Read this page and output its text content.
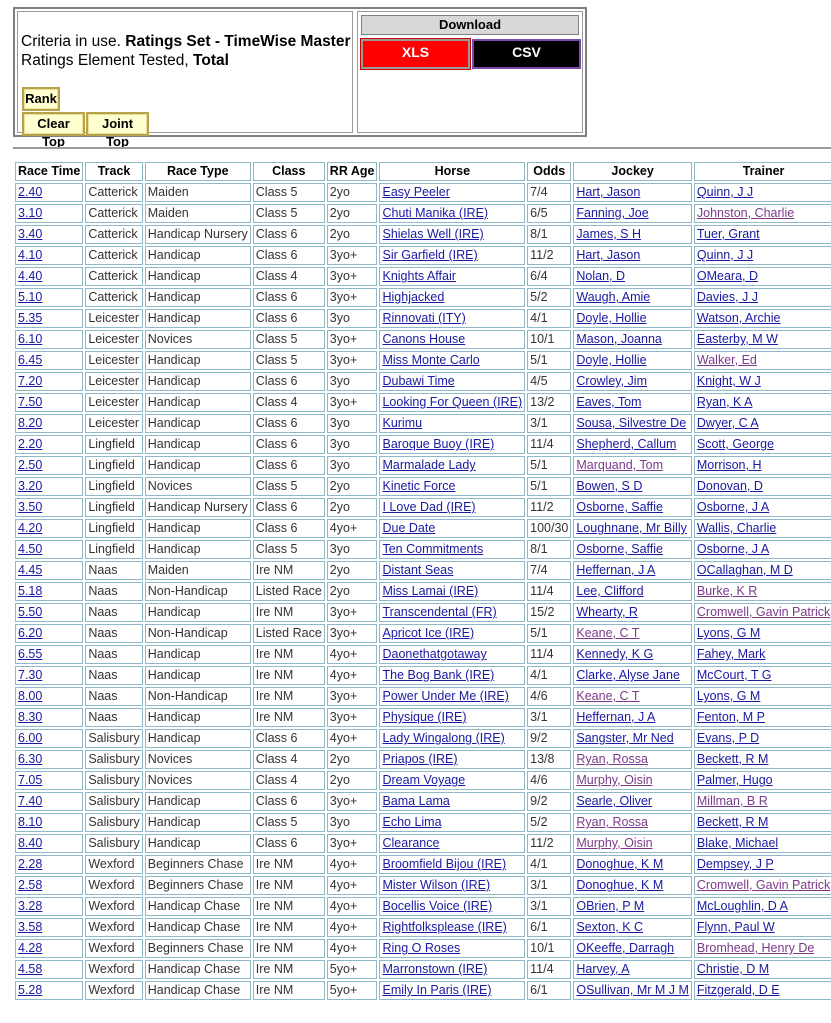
Criteria in use. Ratings Set - TimeWise Master
Ratings Element Tested, Total
Rank
Clear Top
Joint Top
Download
XLS	CSV
Race Time	Track	Race Type	Class	RR Age	Horse	Odds	Jockey	Trainer
2.40	Catterick	Maiden	Class 5	2yo	Easy Peeler	7/4	Hart, Jason	Quinn, J J
3.10	Catterick	Maiden	Class 5	2yo	Chuti Manika (IRE)	6/5	Fanning, Joe	Johnston, Charlie
3.40	Catterick	Handicap Nursery	Class 6	2yo	Shielas Well (IRE)	8/1	James, S H	Tuer, Grant
4.10	Catterick	Handicap	Class 6	3yo+	Sir Garfield (IRE)	11/2	Hart, Jason	Quinn, J J
4.40	Catterick	Handicap	Class 4	3yo+	Knights Affair	6/4	Nolan, D	OMeara, D
5.10	Catterick	Handicap	Class 6	3yo+	Highjacked	5/2	Waugh, Amie	Davies, J J
5.35	Leicester	Handicap	Class 6	3yo	Rinnovati (ITY)	4/1	Doyle, Hollie	Watson, Archie
6.10	Leicester	Novices	Class 5	3yo+	Canons House	10/1	Mason, Joanna	Easterby, M W
6.45	Leicester	Handicap	Class 5	3yo+	Miss Monte Carlo	5/1	Doyle, Hollie	Walker, Ed
7.20	Leicester	Handicap	Class 6	3yo	Dubawi Time	4/5	Crowley, Jim	Knight, W J
7.50	Leicester	Handicap	Class 4	3yo+	Looking For Queen (IRE)	13/2	Eaves, Tom	Ryan, K A
8.20	Leicester	Handicap	Class 6	3yo	Kurimu	3/1	Sousa, Silvestre De	Dwyer, C A
2.20	Lingfield	Handicap	Class 6	3yo	Baroque Buoy (IRE)	11/4	Shepherd, Callum	Scott, George
2.50	Lingfield	Handicap	Class 6	3yo	Marmalade Lady	5/1	Marquand, Tom	Morrison, H
3.20	Lingfield	Novices	Class 5	2yo	Kinetic Force	5/1	Bowen, S D	Donovan, D
3.50	Lingfield	Handicap Nursery	Class 6	2yo	I Love Dad (IRE)	11/2	Osborne, Saffie	Osborne, J A
4.20	Lingfield	Handicap	Class 6	4yo+	Due Date	100/30	Loughnane, Mr Billy	Wallis, Charlie
4.50	Lingfield	Handicap	Class 5	3yo	Ten Commitments	8/1	Osborne, Saffie	Osborne, J A
4.45	Naas	Maiden	Ire NM	2yo	Distant Seas	7/4	Heffernan, J A	OCallaghan, M D
5.18	Naas	Non-Handicap	Listed Race	2yo	Miss Lamai (IRE)	11/4	Lee, Clifford	Burke, K R
5.50	Naas	Handicap	Ire NM	3yo+	Transcendental (FR)	15/2	Whearty, R	Cromwell, Gavin Patrick
6.20	Naas	Non-Handicap	Listed Race	3yo+	Apricot Ice (IRE)	5/1	Keane, C T	Lyons, G M
6.55	Naas	Handicap	Ire NM	4yo+	Daonethatgotaway	11/4	Kennedy, K G	Fahey, Mark
7.30	Naas	Handicap	Ire NM	4yo+	The Bog Bank (IRE)	4/1	Clarke, Alyse Jane	McCourt, T G
8.00	Naas	Non-Handicap	Ire NM	3yo+	Power Under Me (IRE)	4/6	Keane, C T	Lyons, G M
8.30	Naas	Handicap	Ire NM	3yo+	Physique (IRE)	3/1	Heffernan, J A	Fenton, M P
6.00	Salisbury	Handicap	Class 6	4yo+	Lady Wingalong (IRE)	9/2	Sangster, Mr Ned	Evans, P D
6.30	Salisbury	Novices	Class 4	2yo	Priapos (IRE)	13/8	Ryan, Rossa	Beckett, R M
7.05	Salisbury	Novices	Class 4	2yo	Dream Voyage	4/6	Murphy, Oisin	Palmer, Hugo
7.40	Salisbury	Handicap	Class 6	3yo+	Bama Lama	9/2	Searle, Oliver	Millman, B R
8.10	Salisbury	Handicap	Class 5	3yo	Echo Lima	5/2	Ryan, Rossa	Beckett, R M
8.40	Salisbury	Handicap	Class 6	3yo+	Clearance	11/2	Murphy, Oisin	Blake, Michael
2.28	Wexford	Beginners Chase	Ire NM	4yo+	Broomfield Bijou (IRE)	4/1	Donoghue, K M	Dempsey, J P
2.58	Wexford	Beginners Chase	Ire NM	4yo+	Mister Wilson (IRE)	3/1	Donoghue, K M	Cromwell, Gavin Patrick
3.28	Wexford	Handicap Chase	Ire NM	4yo+	Bocellis Voice (IRE)	3/1	OBrien, P M	McLoughlin, D A
3.58	Wexford	Handicap Chase	Ire NM	4yo+	Rightfolksplease (IRE)	6/1	Sexton, K C	Flynn, Paul W
4.28	Wexford	Beginners Chase	Ire NM	4yo+	Ring O Roses	10/1	OKeeffe, Darragh	Bromhead, Henry De
4.58	Wexford	Handicap Chase	Ire NM	5yo+	Marronstown (IRE)	11/4	Harvey, A	Christie, D M
5.28	Wexford	Handicap Chase	Ire NM	5yo+	Emily In Paris (IRE)	6/1	OSullivan, Mr M J M	Fitzgerald, D E
